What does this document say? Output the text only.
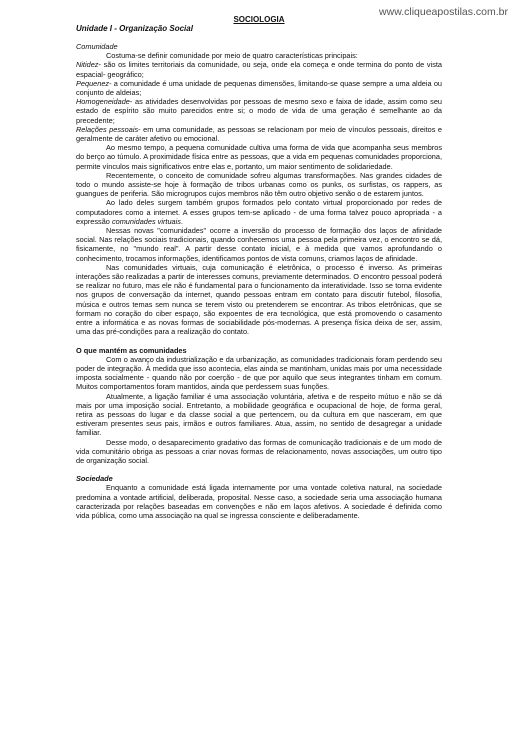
www.cliqueapostilas.com.br

SOCIOLOGIA

Unidade I - Organização Social

Comunidade

Costuma-se definir comunidade por meio de quatro características principais:

Nitidez- são os limites territoriais da comunidade, ou seja, onde ela começa e onde termina do ponto de vista espacial- geográfico;

Pequenez- a comunidade é uma unidade de pequenas dimensões, limitando-se quase sempre a uma aldeia ou conjunto de aldeias;

Homogeneidade- as atividades desenvolvidas por pessoas de mesmo sexo e faixa de idade, assim como seu estado de espírito são muito parecidos entre si; o modo de vida de uma geração é semelhante ao da precedente;

Relações pessoais- em uma comunidade, as pessoas se relacionam por meio de vínculos pessoais, direitos e geralmente de caráter afetivo ou emocional.

Ao mesmo tempo, a pequena comunidade cultiva uma forma de vida que acompanha seus membros do berço ao túmulo. A proximidade física entre as pessoas, que a vida em pequenas comunidades proporciona, permite vínculos mais significativos entre elas e, portanto, um maior sentimento de solidariedade.

Recentemente, o conceito de comunidade sofreu algumas transformações. Nas grandes cidades de todo o mundo assiste-se hoje à formação de tribos urbanas como os punks, os surfistas, os rappers, as guangues de periferia. São microgrupos cujos membros não têm outro objetivo senão o de estarem juntos.

Ao lado deles surgem também grupos formados pelo contato virtual proporcionado por redes de computadores como a internet. A esses grupos tem-se aplicado - de uma forma talvez pouco apropriada - a expressão comunidades virtuais.

Nessas novas "comunidades" ocorre a inversão do processo de formação dos laços de afinidade social. Nas relações sociais tradicionais, quando conhecemos uma pessoa pela primeira vez, o encontro se dá, fisicamente, no "mundo real". A partir desse contato inicial, e à medida que vamos aprofundando o conhecimento, trocamos informações, identificamos pontos de vista comuns, criamos laços de afinidade.

Nas comunidades virtuais, cuja comunicação é eletrônica, o processo é inverso. As primeiras interações são realizadas a partir de interesses comuns, previamente determinados. O encontro pessoal poderá se realizar no futuro, mas ele não é fundamental para o funcionamento da interatividade. Isso se torna evidente nos grupos de conversação da internet, quando pessoas entram em contato para discutir futebol, filosofia, música e outros temas sem nunca se terem visto ou pretenderem se encontrar. As tribos eletrônicas, que se formam no coração do ciber espaço, são expoentes de era tecnológica, que está promovendo o casamento entre a informática e as novas formas de sociabilidade pós-modernas. A presença física deixa de ser, assim, uma das pré-condições para a realização do contato.

O que mantém as comunidades

Com o avanço da industrialização e da urbanização, as comunidades tradicionais foram perdendo seu poder de integração. À medida que isso acontecia, elas ainda se mantinham, unidas mais por uma necessidade imposta socialmente - quando não por coerção - de que por aquilo que seus integrantes tinham em comum. Muitos comportamentos foram mantidos, ainda que perdessem suas funções.

Atualmente, a ligação familiar é uma associação voluntária, afetiva e de respeito mútuo e não se dá mais por uma imposição social. Entretanto, a mobilidade geográfica e ocupacional de hoje, de forma geral, retira as pessoas do lugar e da classe social a que pertencem, ou da cultura em que nasceram, em que estiveram presentes seus pais, irmãos e outros familiares. Atua, assim, no sentido de desagregar a unidade familiar.

Desse modo, o desaparecimento gradativo das formas de comunicação tradicionais e de um modo de vida comunitário obriga as pessoas a criar novas formas de relacionamento, novas associações, um outro tipo de organização social.

Sociedade

Enquanto a comunidade está ligada internamente por uma vontade coletiva natural, na sociedade predomina a vontade artificial, deliberada, proposital. Nesse caso, a sociedade seria uma associação humana caracterizada por relações baseadas em convenções e não em laços afetivos. A sociedade é definida como vida pública, como uma associação na qual se ingressa consciente e deliberadamente.
